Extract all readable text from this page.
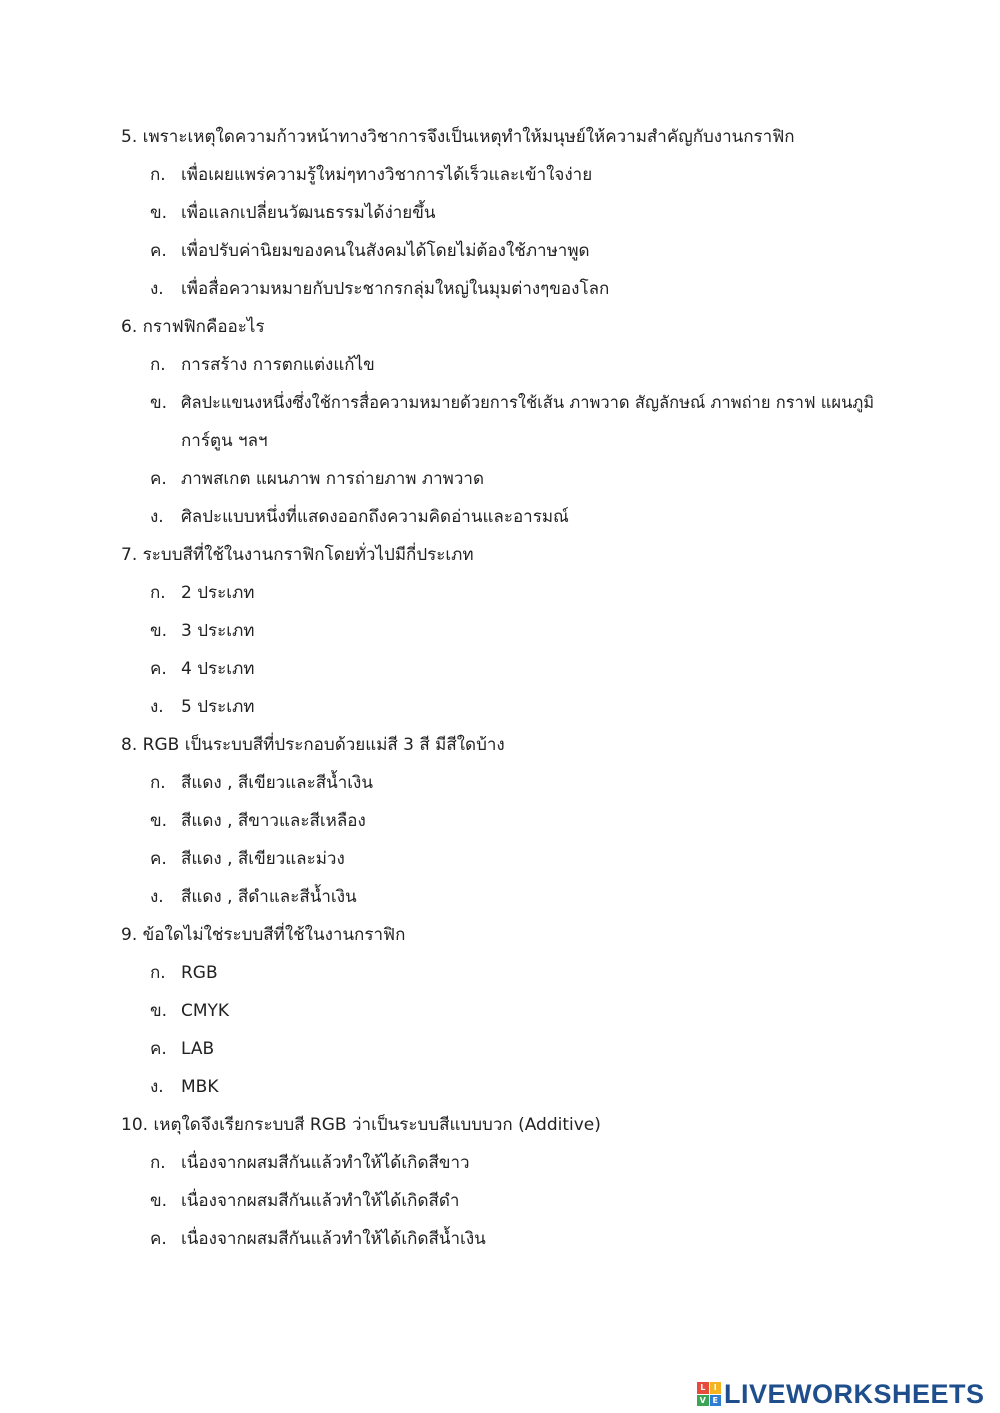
5. เพราะเหตุใดความก้าวหน้าทางวิชาการจึงเป็นเหตุทำให้มนุษย์ให้ความสำคัญกับงานกราฟิก
ก. เพื่อเผยแพร่ความรู้ใหม่ๆทางวิชาการได้เร็วและเข้าใจง่าย
ข. เพื่อแลกเปลี่ยนวัฒนธรรมได้ง่ายขึ้น
ค. เพื่อปรับค่านิยมของคนในสังคมได้โดยไม่ต้องใช้ภาษาพูด
ง. เพื่อสื่อความหมายกับประชากรกลุ่มใหญ่ในมุมต่างๆของโลก
6. กราฟฟิกคืออะไร
ก. การสร้าง การตกแต่งแก้ไข
ข. ศิลปะแขนงหนึ่งซึ่งใช้การสื่อความหมายด้วยการใช้เส้น ภาพวาด สัญลักษณ์ ภาพถ่าย กราฟ แผนภูมิ
การ์ตูน ฯลฯ
ค. ภาพสเกต แผนภาพ การถ่ายภาพ ภาพวาด
ง. ศิลปะแบบหนึ่งที่แสดงออกถึงความคิดอ่านและอารมณ์
7. ระบบสีที่ใช้ในงานกราฟิกโดยทั่วไปมีกี่ประเภท
ก. 2 ประเภท
ข. 3 ประเภท
ค. 4 ประเภท
ง. 5 ประเภท
8. RGB เป็นระบบสีที่ประกอบด้วยแม่สี 3 สี มีสีใดบ้าง
ก. สีแดง , สีเขียวและสีน้ำเงิน
ข. สีแดง , สีขาวและสีเหลือง
ค. สีแดง , สีเขียวและม่วง
ง. สีแดง , สีดำและสีน้ำเงิน
9. ข้อใดไม่ใช่ระบบสีที่ใช้ในงานกราฟิก
ก. RGB
ข. CMYK
ค. LAB
ง. MBK
10. เหตุใดจึงเรียกระบบสี RGB ว่าเป็นระบบสีแบบบวก (Additive)
ก. เนื่องจากผสมสีกันแล้วทำให้ได้เกิดสีขาว
ข. เนื่องจากผสมสีกันแล้วทำให้ได้เกิดสีดำ
ค. เนื่องจากผสมสีกันแล้วทำให้ได้เกิดสีน้ำเงิน
L	I
V E LIVEWORKSHEETS
